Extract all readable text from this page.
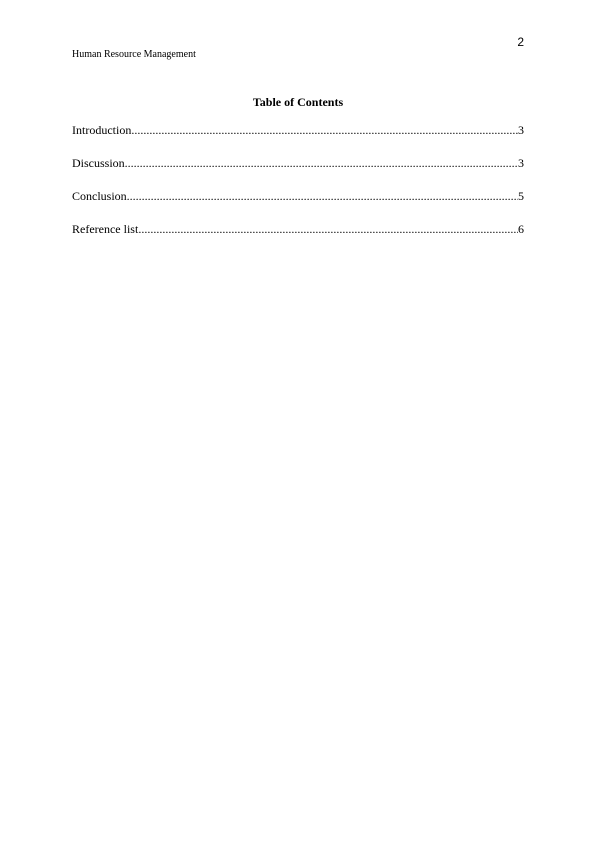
2
Human Resource Management
Table of Contents
Introduction .....	3
Discussion .....	3
Conclusion .....	5
Reference list .....	6
